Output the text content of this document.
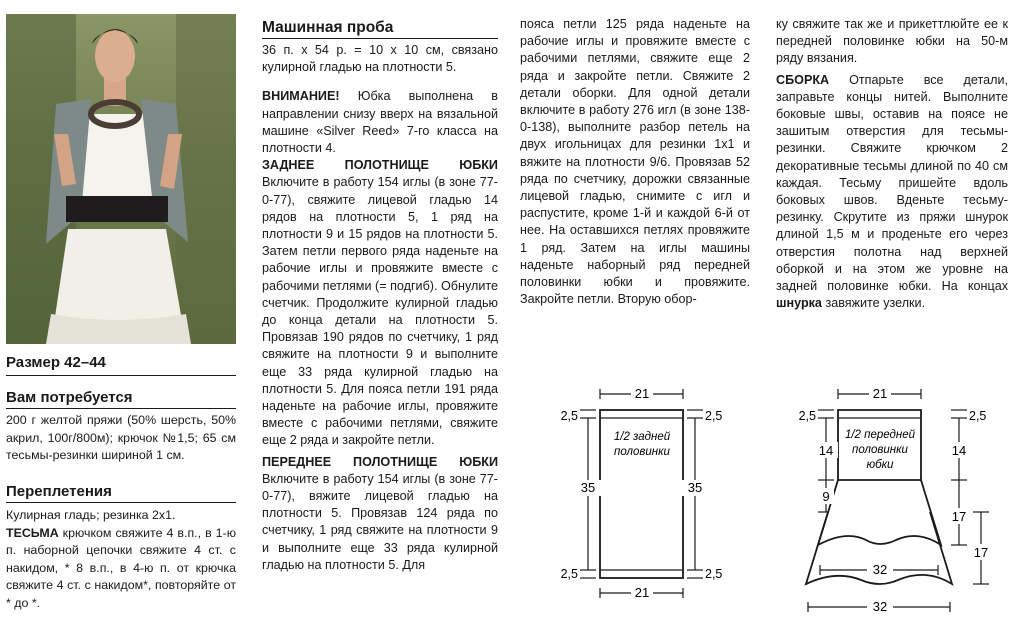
Размер 42–44
Вам потребуется
200 г желтой пряжи (50% шерсть, 50% акрил, 100г/800м); крючок №1,5; 65 см тесьмы-резинки шириной 1 см.
Переплетения

Кулирная гладь; резинка 2х1.

ТЕСЬМА крючком свяжите 4 в.п., в 1-ю п. наборной цепочки свяжите 4 ст. с накидом, * 8 в.п., в 4-ю п. от крючка свяжите 4 ст. с накидом*, повторяйте от * до *.

Машинная проба

36 п. х 54 р. = 10 х 10 см, связано кулирной гладью на плотности 5.

ВНИМАНИЕ! Юбка выполнена в направлении снизу вверх на вязальной машине «Silver Reed» 7-го класса на плотности 4.

ЗАДНЕЕ ПОЛОТНИЩЕ ЮБКИ Включите в работу 154 иглы (в зоне 77-0-77), свяжите лицевой гладью 14 рядов на плотности 5, 1 ряд на плотности 9 и 15 рядов на плотности 5. Затем петли первого ряда наденьте на рабочие иглы и провяжите вместе с рабочими петлями (= подгиб). Обнулите счетчик. Продолжите кулирной гладью до конца детали на плотности 5. Провязав 190 рядов по счетчику, 1 ряд свяжите на плотности 9 и выполните еще 33 ряда кулирной гладью на плотности 5. Для пояса петли 191 ряда наденьте на рабочие иглы, провяжите вместе с рабочими петлями, свяжите еще 2 ряда и закройте петли.

ПЕРЕДНЕЕ ПОЛОТНИЩЕ ЮБКИ Включите в работу 154 иглы (в зоне 77-0-77), вяжите лицевой гладью на плотности 5. Провязав 124 ряда по счетчику, 1 ряд свяжите на плотности 9 и выполните еще 33 ряда кулирной гладью на плотности 5. Для

пояса петли 125 ряда наденьте на рабочие иглы и провяжите вместе с рабочими петлями, свяжите еще 2 ряда и закройте петли. Свяжите 2 детали оборки. Для одной детали включите в работу 276 игл (в зоне 138-0-138), выполните разбор петель на двух игольницах для резинки 1х1 и вяжите на плотности 9/6. Провязав 52 ряда по счетчику, дорожки связанные лицевой гладью, снимите с игл и распустите, кроме 1-й и каждой 6-й от нее. На оставшихся петлях провяжите 1 ряд. Затем на иглы машины наденьте наборный ряд передней половинки юбки и провяжите. Закройте петли. Вторую обор-

ку свяжите так же и прикеттлюйте ее к передней половинке юбки на 50-м ряду вязания.

СБОРКА Отпарьте все детали, заправьте концы нитей. Выполните боковые швы, оставив на поясе не зашитым отверстия для тесьмы-резинки. Свяжите крючком 2 декоративные тесьмы длиной по 40 см каждая. Тесьму пришейте вдоль боковых швов. Вденьте тесьму-резинку. Скрутите из пряжи шнурок длиной 1,5 м и проденьте его через отверстия полотна над верхней оборкой и на этом же уровне на задней половинке юбки. На концах шнурка завяжите узелки.

21
21
2,5	2,5
35	35
2,5	2,5
1/2 задней
половинки
21
2,5	2,5
14	14
9
17
17
32
32
1/2 передней
половинки
юбки
